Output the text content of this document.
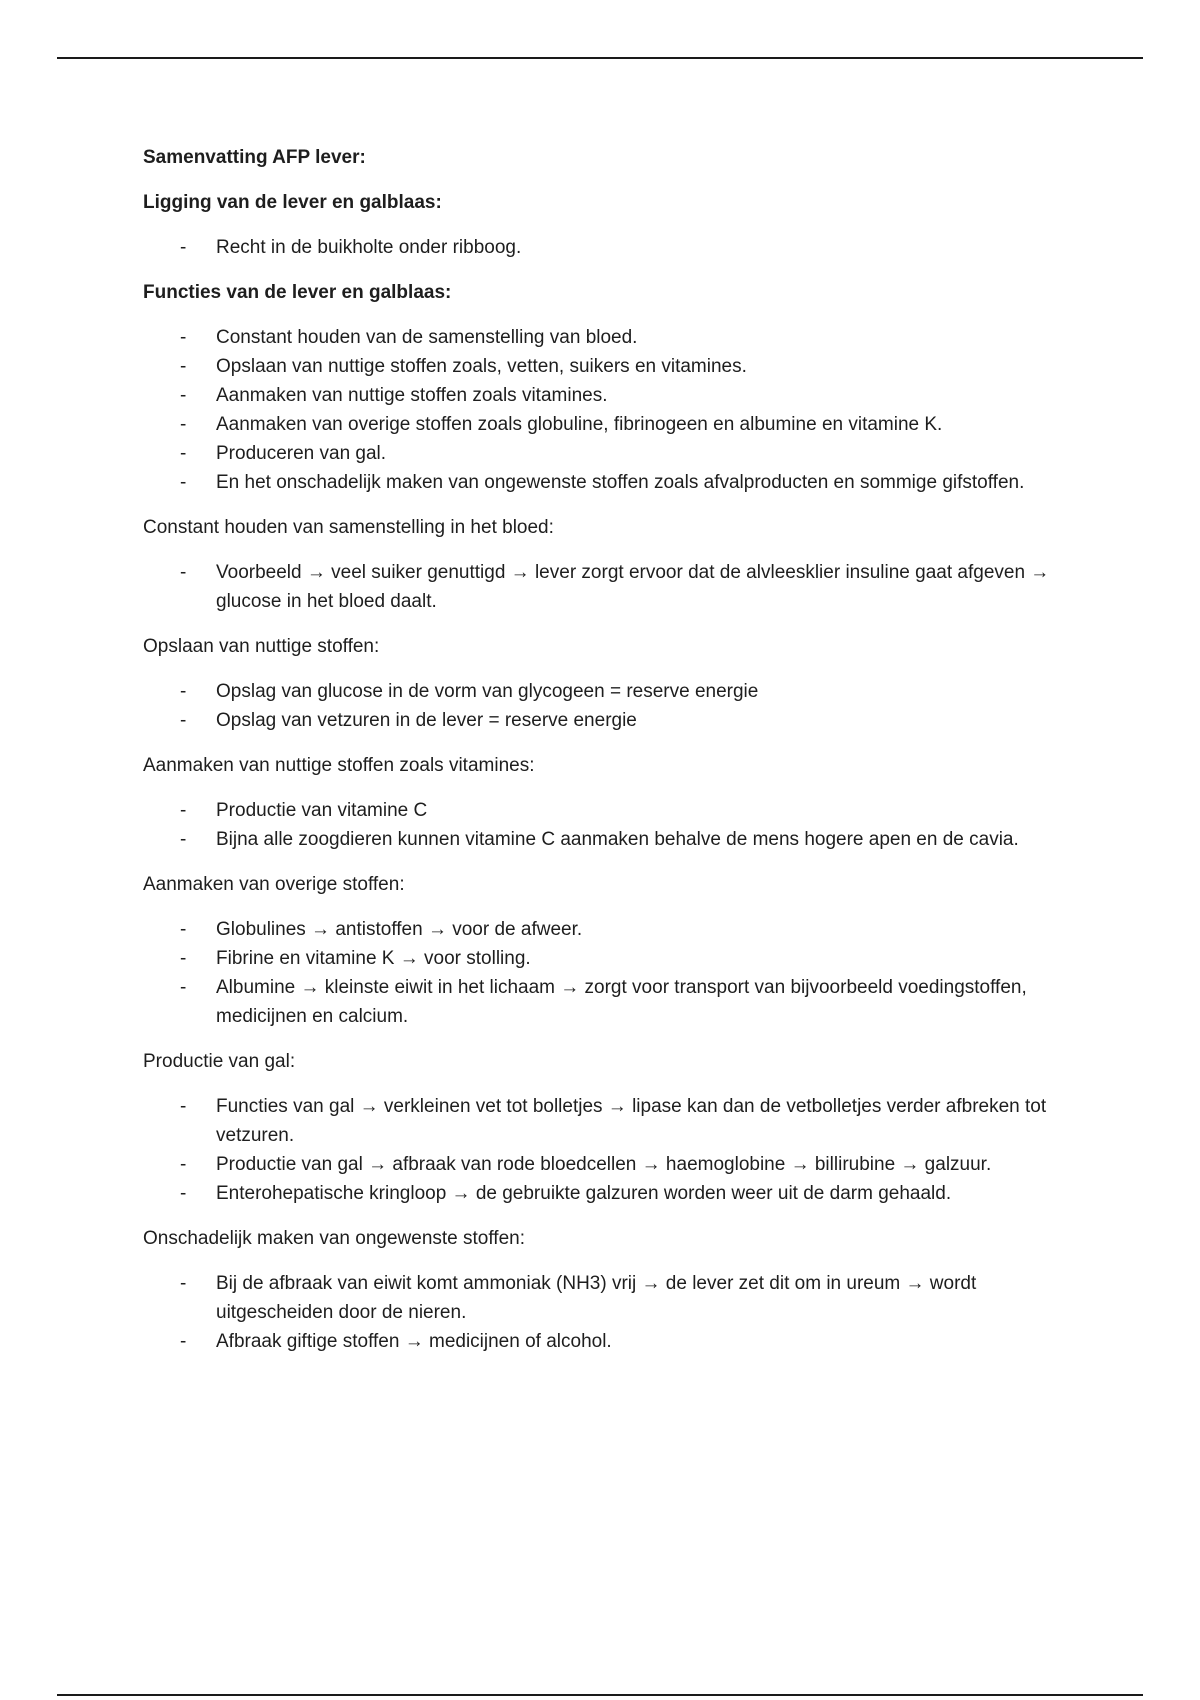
Samenvatting AFP lever:

Ligging van de lever en galblaas:

- Recht in de buikholte onder ribboog.

Functies van de lever en galblaas:

- Constant houden van de samenstelling van bloed.
- Opslaan van nuttige stoffen zoals, vetten, suikers en vitamines.
- Aanmaken van nuttige stoffen zoals vitamines.
- Aanmaken van overige stoffen zoals globuline, fibrinogeen en albumine en vitamine K.
- Produceren van gal.
- En het onschadelijk maken van ongewenste stoffen zoals afvalproducten en sommige gifstoffen.

Constant houden van samenstelling in het bloed:

- Voorbeeld → veel suiker genuttigd → lever zorgt ervoor dat de alvleesklier insuline gaat afgeven → glucose in het bloed daalt.

Opslaan van nuttige stoffen:

- Opslag van glucose in de vorm van glycogeen = reserve energie
- Opslag van vetzuren in de lever = reserve energie

Aanmaken van nuttige stoffen zoals vitamines:

- Productie van vitamine C
- Bijna alle zoogdieren kunnen vitamine C aanmaken behalve de mens hogere apen en de cavia.

Aanmaken van overige stoffen:

- Globulines → antistoffen → voor de afweer.
- Fibrine en vitamine K → voor stolling.
- Albumine → kleinste eiwit in het lichaam → zorgt voor transport van bijvoorbeeld voedingstoffen, medicijnen en calcium.

Productie van gal:

- Functies van gal → verkleinen vet tot bolletjes → lipase kan dan de vetbolletjes verder afbreken tot vetzuren.
- Productie van gal → afbraak van rode bloedcellen → haemoglobine → billirubine → galzuur.
- Enterohepatische kringloop → de gebruikte galzuren worden weer uit de darm gehaald.

Onschadelijk maken van ongewenste stoffen:

- Bij de afbraak van eiwit komt ammoniak (NH3) vrij → de lever zet dit om in ureum → wordt uitgescheiden door de nieren.
- Afbraak giftige stoffen → medicijnen of alcohol.
